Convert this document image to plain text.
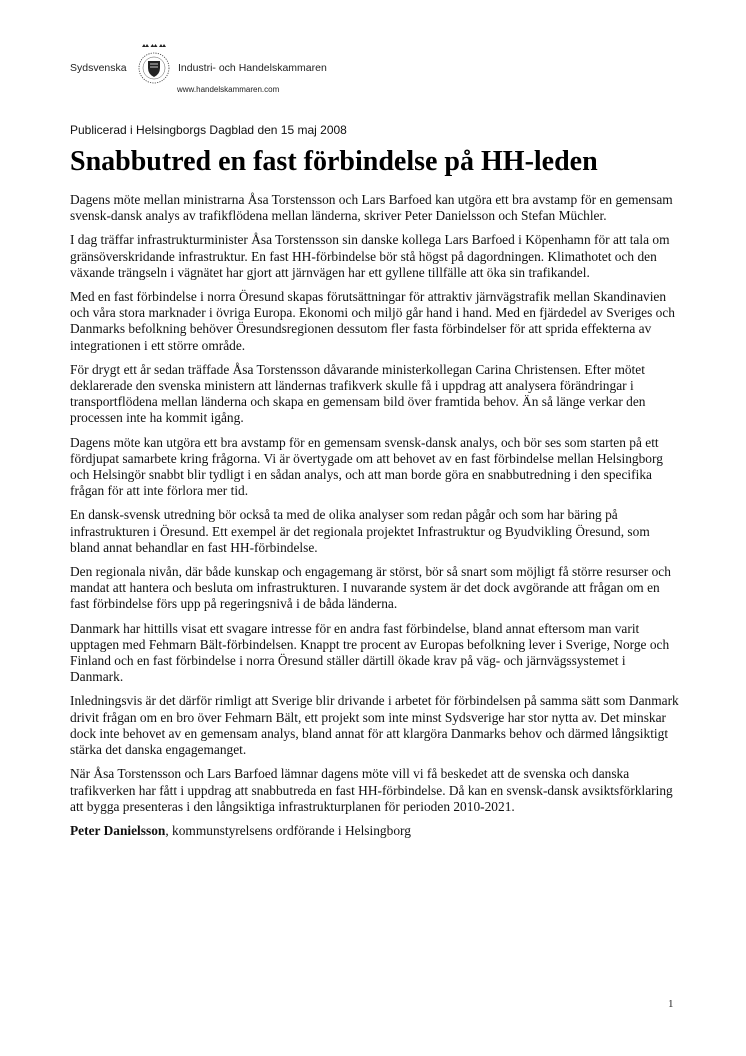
Sydsvenska	Industri- och Handelskammaren
www.handelskammaren.com
Publicerad i Helsingborgs Dagblad den 15 maj 2008
Snabbutred en fast förbindelse på HH-leden

Dagens möte mellan ministrarna Åsa Torstensson och Lars Barfoed kan utgöra ett bra avstamp för en gemensam svensk-dansk analys av trafikflödena mellan länderna, skriver Peter Danielsson och Stefan Müchler.

I dag träffar infrastrukturminister Åsa Torstensson sin danske kollega Lars Barfoed i Köpenhamn för att tala om gränsöverskridande infrastruktur. En fast HH-förbindelse bör stå högst på dagordningen. Klimathotet och den växande trängseln i vägnätet har gjort att järnvägen har ett gyllene tillfälle att öka sin trafikandel.

Med en fast förbindelse i norra Öresund skapas förutsättningar för attraktiv järnvägstrafik mellan Skandinavien och våra stora marknader i övriga Europa. Ekonomi och miljö går hand i hand. Med en fjärdedel av Sveriges och Danmarks befolkning behöver Öresundsregionen dessutom fler fasta förbindelser för att sprida effekterna av integrationen i ett större område.

För drygt ett år sedan träffade Åsa Torstensson dåvarande ministerkollegan Carina Christensen. Efter mötet deklarerade den svenska ministern att ländernas trafikverk skulle få i uppdrag att analysera förändringar i transportflödena mellan länderna och skapa en gemensam bild över framtida behov. Än så länge verkar den processen inte ha kommit igång.

Dagens möte kan utgöra ett bra avstamp för en gemensam svensk-dansk analys, och bör ses som starten på ett fördjupat samarbete kring frågorna. Vi är övertygade om att behovet av en fast förbindelse mellan Helsingborg och Helsingör snabbt blir tydligt i en sådan analys, och att man borde göra en snabbutredning i den specifika frågan för att inte förlora mer tid.

En dansk-svensk utredning bör också ta med de olika analyser som redan pågår och som har bäring på infrastrukturen i Öresund. Ett exempel är det regionala projektet Infrastruktur og Byudvikling Öresund, som bland annat behandlar en fast HH-förbindelse.

Den regionala nivån, där både kunskap och engagemang är störst, bör så snart som möjligt få större resurser och mandat att hantera och besluta om infrastrukturen. I nuvarande system är det dock avgörande att frågan om en fast förbindelse förs upp på regeringsnivå i de båda länderna.

Danmark har hittills visat ett svagare intresse för en andra fast förbindelse, bland annat eftersom man varit upptagen med Fehmarn Bält-förbindelsen. Knappt tre procent av Europas befolkning lever i Sverige, Norge och Finland och en fast förbindelse i norra Öresund ställer därtill ökade krav på väg- och järnvägssystemet i Danmark.

Inledningsvis är det därför rimligt att Sverige blir drivande i arbetet för förbindelsen på samma sätt som Danmark drivit frågan om en bro över Fehmarn Bält, ett projekt som inte minst Sydsverige har stor nytta av. Det minskar dock inte behovet av en gemensam analys, bland annat för att klargöra Danmarks behov och därmed långsiktigt stärka det danska engagemanget.

När Åsa Torstensson och Lars Barfoed lämnar dagens möte vill vi få beskedet att de svenska och danska trafikverken har fått i uppdrag att snabbutreda en fast HH-förbindelse. Då kan en svensk-dansk avsiktsförklaring att bygga presenteras i den långsiktiga infrastrukturplanen för perioden 2010-2021.

Peter Danielsson, kommunstyrelsens ordförande i Helsingborg

1
